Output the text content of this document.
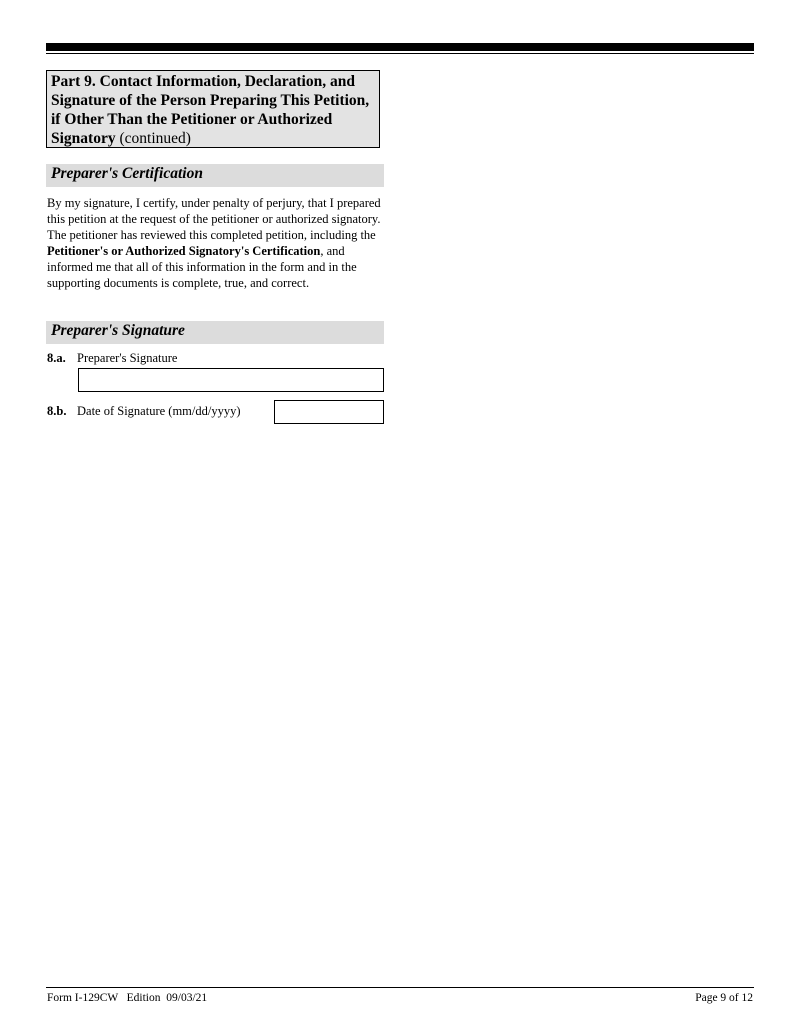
Part 9. Contact Information, Declaration, and Signature of the Person Preparing This Petition, if Other Than the Petitioner or Authorized Signatory (continued)
Preparer's Certification
By my signature, I certify, under penalty of perjury, that I prepared this petition at the request of the petitioner or authorized signatory. The petitioner has reviewed this completed petition, including the Petitioner's or Authorized Signatory's Certification, and informed me that all of this information in the form and in the supporting documents is complete, true, and correct.
Preparer's Signature
8.a. Preparer's Signature
8.b. Date of Signature (mm/dd/yyyy)
Form I-129CW   Edition  09/03/21	Page 9 of 12
